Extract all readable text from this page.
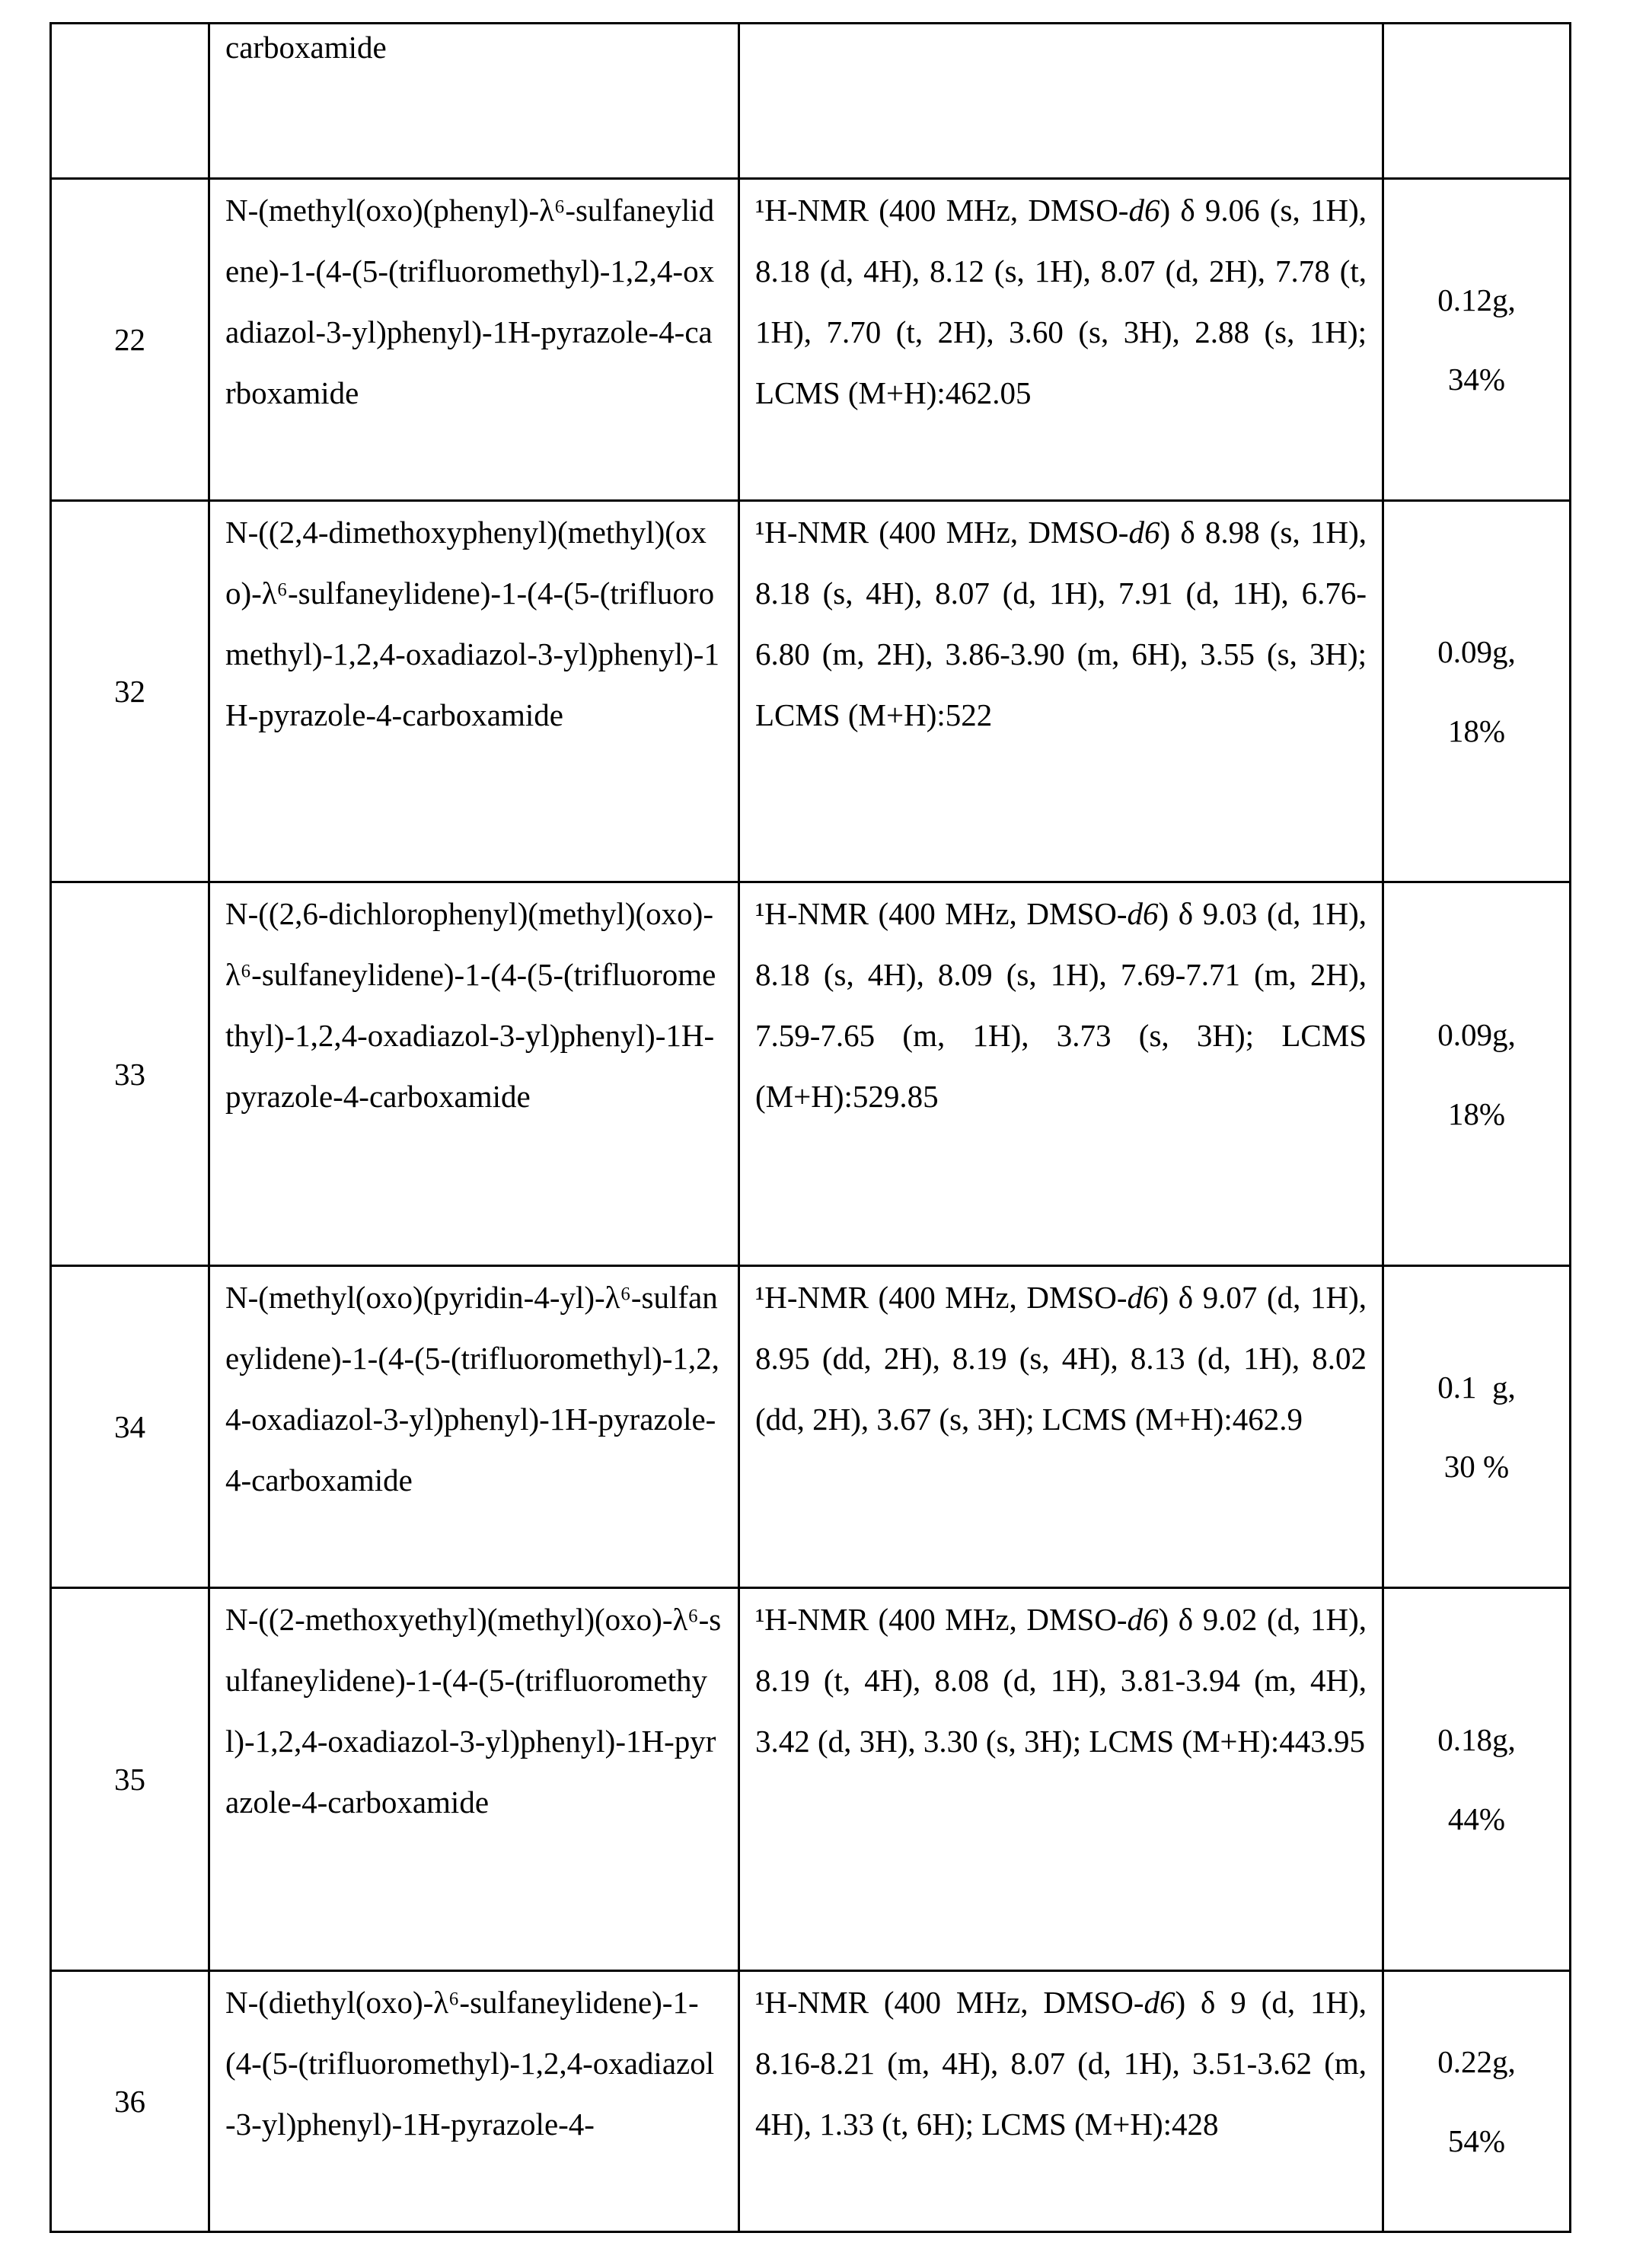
	carboxamide		
22	N-(methyl(oxo)(phenyl)-λ⁶-sulfaneylidene)-1-(4-(5-(trifluoromethyl)-1,2,4-oxadiazol-3-yl)phenyl)-1H-pyrazole-4-carboxamide	¹H-NMR (400 MHz, DMSO-d6) δ 9.06 (s, 1H), 8.18 (d, 4H), 8.12 (s, 1H), 8.07 (d, 2H), 7.78 (t, 1H), 7.70 (t, 2H), 3.60 (s, 3H), 2.88 (s, 1H); LCMS (M+H):462.05	
0.12g,
34%

32	N-((2,4-dimethoxyphenyl)(methyl)(oxo)-λ⁶-sulfaneylidene)-1-(4-(5-(trifluoromethyl)-1,2,4-oxadiazol-3-yl)phenyl)-1H-pyrazole-4-carboxamide	¹H-NMR (400 MHz, DMSO-d6) δ 8.98 (s, 1H), 8.18 (s, 4H), 8.07 (d, 1H), 7.91 (d, 1H), 6.76-6.80 (m, 2H), 3.86-3.90 (m, 6H), 3.55 (s, 3H); LCMS (M+H):522	
0.09g,
18%

33	N-((2,6-dichlorophenyl)(methyl)(oxo)-λ⁶-sulfaneylidene)-1-(4-(5-(trifluoromethyl)-1,2,4-oxadiazol-3-yl)phenyl)-1H-pyrazole-4-carboxamide	¹H-NMR (400 MHz, DMSO-d6) δ 9.03 (d, 1H), 8.18 (s, 4H), 8.09 (s, 1H), 7.69-7.71 (m, 2H), 7.59-7.65 (m, 1H), 3.73 (s, 3H); LCMS (M+H):529.85	
0.09g,
18%

34	N-(methyl(oxo)(pyridin-4-yl)-λ⁶-sulfaneylidene)-1-(4-(5-(trifluoromethyl)-1,2,4-oxadiazol-3-yl)phenyl)-1H-pyrazole-4-carboxamide	¹H-NMR (400 MHz, DMSO-d6) δ 9.07 (d, 1H), 8.95 (dd, 2H), 8.19 (s, 4H), 8.13 (d, 1H), 8.02 (dd, 2H), 3.67 (s, 3H); LCMS (M+H):462.9	
0.1  g,
30 %

35	N-((2-methoxyethyl)(methyl)(oxo)-λ⁶-sulfaneylidene)-1-(4-(5-(trifluoromethyl)-1,2,4-oxadiazol-3-yl)phenyl)-1H-pyrazole-4-carboxamide	¹H-NMR (400 MHz, DMSO-d6) δ 9.02 (d, 1H), 8.19 (t, 4H), 8.08 (d, 1H), 3.81-3.94 (m, 4H), 3.42 (d, 3H), 3.30 (s, 3H); LCMS (M+H):443.95	0.18g,
44%

36	N-(diethyl(oxo)-λ⁶-sulfaneylidene)-1-(4-(5-(trifluoromethyl)-1,2,4-oxadiazol-3-yl)phenyl)-1H-pyrazole-4-	¹H-NMR (400 MHz, DMSO-d6) δ 9 (d, 1H), 8.16-8.21 (m, 4H), 8.07 (d, 1H), 3.51-3.62 (m, 4H), 1.33 (t, 6H); LCMS (M+H):428	
0.22g,
54%
